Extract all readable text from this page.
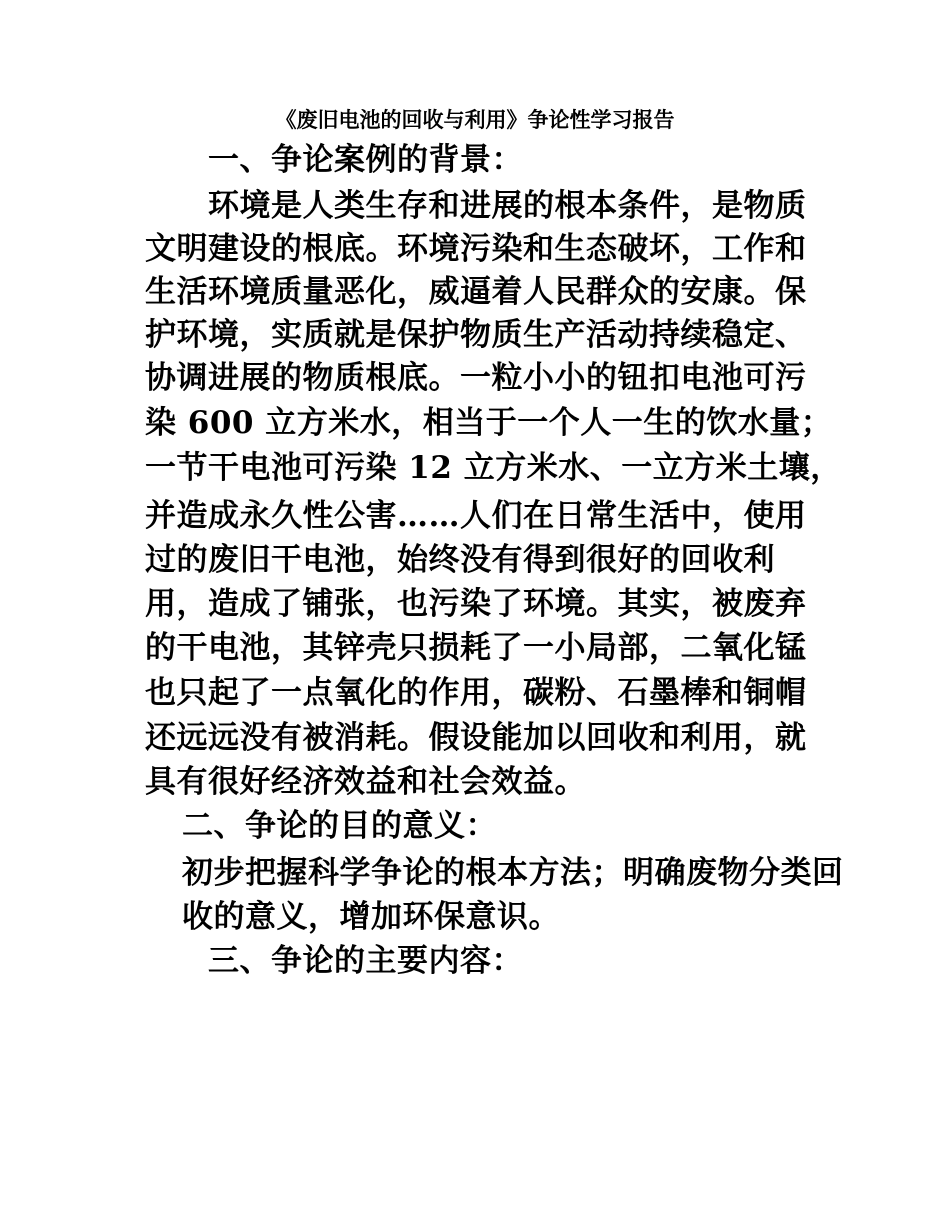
《废旧电池的回收与利用》争论性学习报告
一、争论案例的背景：
环境是人类生存和进展的根本条件，是物质
文明建设的根底。环境污染和生态破坏，工作和
生活环境质量恶化，威逼着人民群众的安康。保
护环境，实质就是保护物质生产活动持续稳定、
协调进展的物质根底。一粒小小的钮扣电池可污
染 600 立方米水，相当于一个人一生的饮水量；
一节干电池可污染 12 立方米水、一立方米土壤，
并造成永久性公害……人们在日常生活中，使用
过的废旧干电池，始终没有得到很好的回收利
用，造成了铺张，也污染了环境。其实，被废弃
的干电池，其锌壳只损耗了一小局部，二氧化锰
也只起了一点氧化的作用，碳粉、石墨棒和铜帽
还远远没有被消耗。假设能加以回收和利用，就
具有很好经济效益和社会效益。
二、争论的目的意义：
初步把握科学争论的根本方法；明确废物分类回
收的意义，增加环保意识。
三、争论的主要内容：
